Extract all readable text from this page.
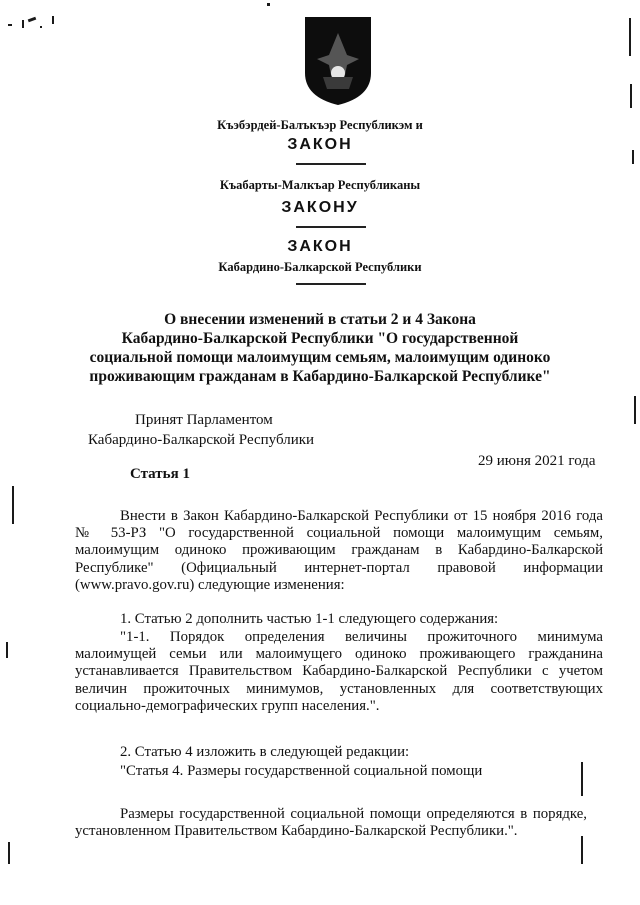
Къэбэрдей-Балъкъэр Республикэм и
ЗАКОН
Къабарты-Малкъар Республиканы
ЗАКОНУ
ЗАКОН
Кабардино-Балкарской Республики
О внесении изменений в статьи 2 и 4 Закона
Кабардино-Балкарской Республики "О государственной
социальной помощи малоимущим семьям, малоимущим одиноко
проживающим гражданам в Кабардино-Балкарской Республике"
Принят Парламентом
Кабардино-Балкарской Республики
29 июня 2021 года
Статья 1
Внести в Закон Кабардино-Балкарской Республики от 15 ноября 2016 года № 53-РЗ "О государственной социальной помощи малоимущим семьям, малоимущим одиноко проживающим гражданам в Кабардино-Балкарской Республике" (Официальный интернет-портал правовой информации (www.pravo.gov.ru) следующие изменения:
1. Статью 2 дополнить частью 1-1 следующего содержания:
"1-1. Порядок определения величины прожиточного минимума малоимущей семьи или малоимущего одиноко проживающего гражданина устанавливается Правительством Кабардино-Балкарской Республики с учетом величин прожиточных минимумов, установленных для соответствующих социально-демографических групп населения.".
2. Статью 4 изложить в следующей редакции:
"Статья 4. Размеры государственной социальной помощи
Размеры государственной социальной помощи определяются в порядке, установленном Правительством Кабардино-Балкарской Республики.".
